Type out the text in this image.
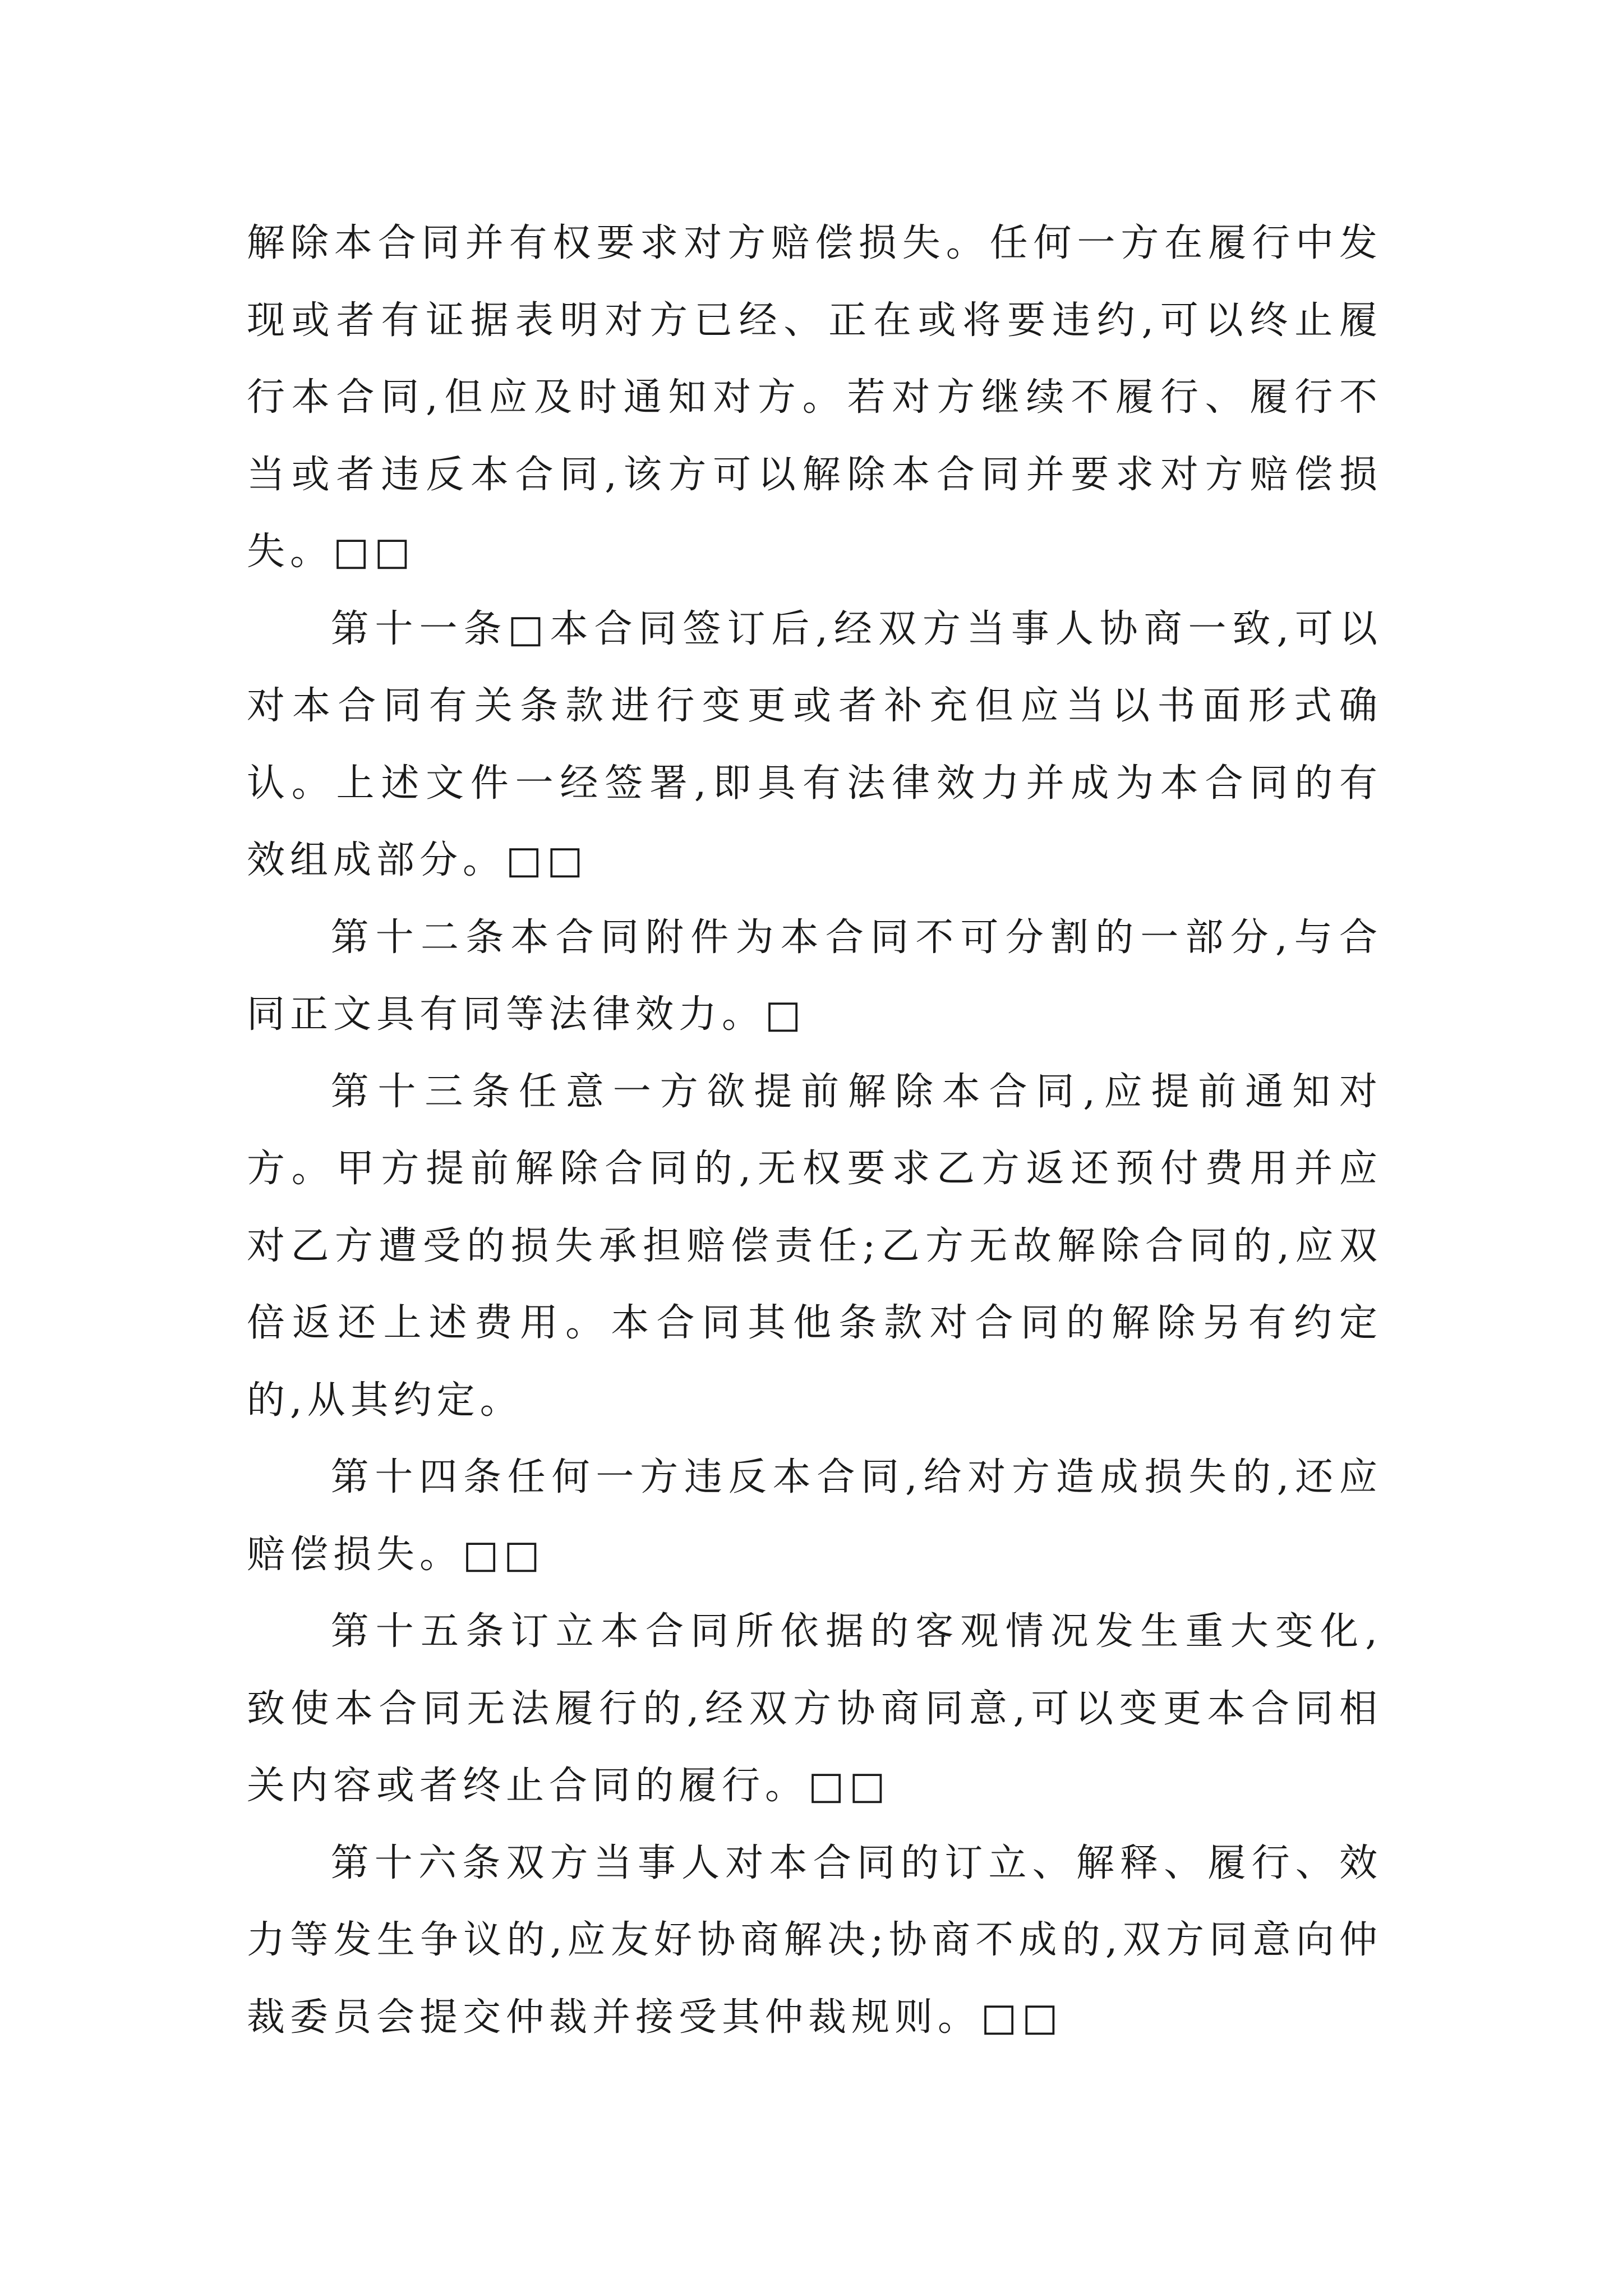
解除本合同并有权要求对方赔偿损失。任何一方在履行中发现或者有证据表明对方已经、正在或将要违约,可以终止履行本合同,但应及时通知对方。若对方继续不履行、履行不当或者违反本合同,该方可以解除本合同并要求对方赔偿损失。□□

第十一条□本合同签订后,经双方当事人协商一致,可以对本合同有关条款进行变更或者补充但应当以书面形式确认。上述文件一经签署,即具有法律效力并成为本合同的有效组成部分。□□

第十二条本合同附件为本合同不可分割的一部分,与合同正文具有同等法律效力。□

第十三条任意一方欲提前解除本合同,应提前通知对方。甲方提前解除合同的,无权要求乙方返还预付费用并应对乙方遭受的损失承担赔偿责任;乙方无故解除合同的,应双倍返还上述费用。本合同其他条款对合同的解除另有约定的,从其约定。

第十四条任何一方违反本合同,给对方造成损失的,还应赔偿损失。□□

第十五条订立本合同所依据的客观情况发生重大变化,致使本合同无法履行的,经双方协商同意,可以变更本合同相关内容或者终止合同的履行。□□

第十六条双方当事人对本合同的订立、解释、履行、效力等发生争议的,应友好协商解决;协商不成的,双方同意向仲裁委员会提交仲裁并接受其仲裁规则。□□
